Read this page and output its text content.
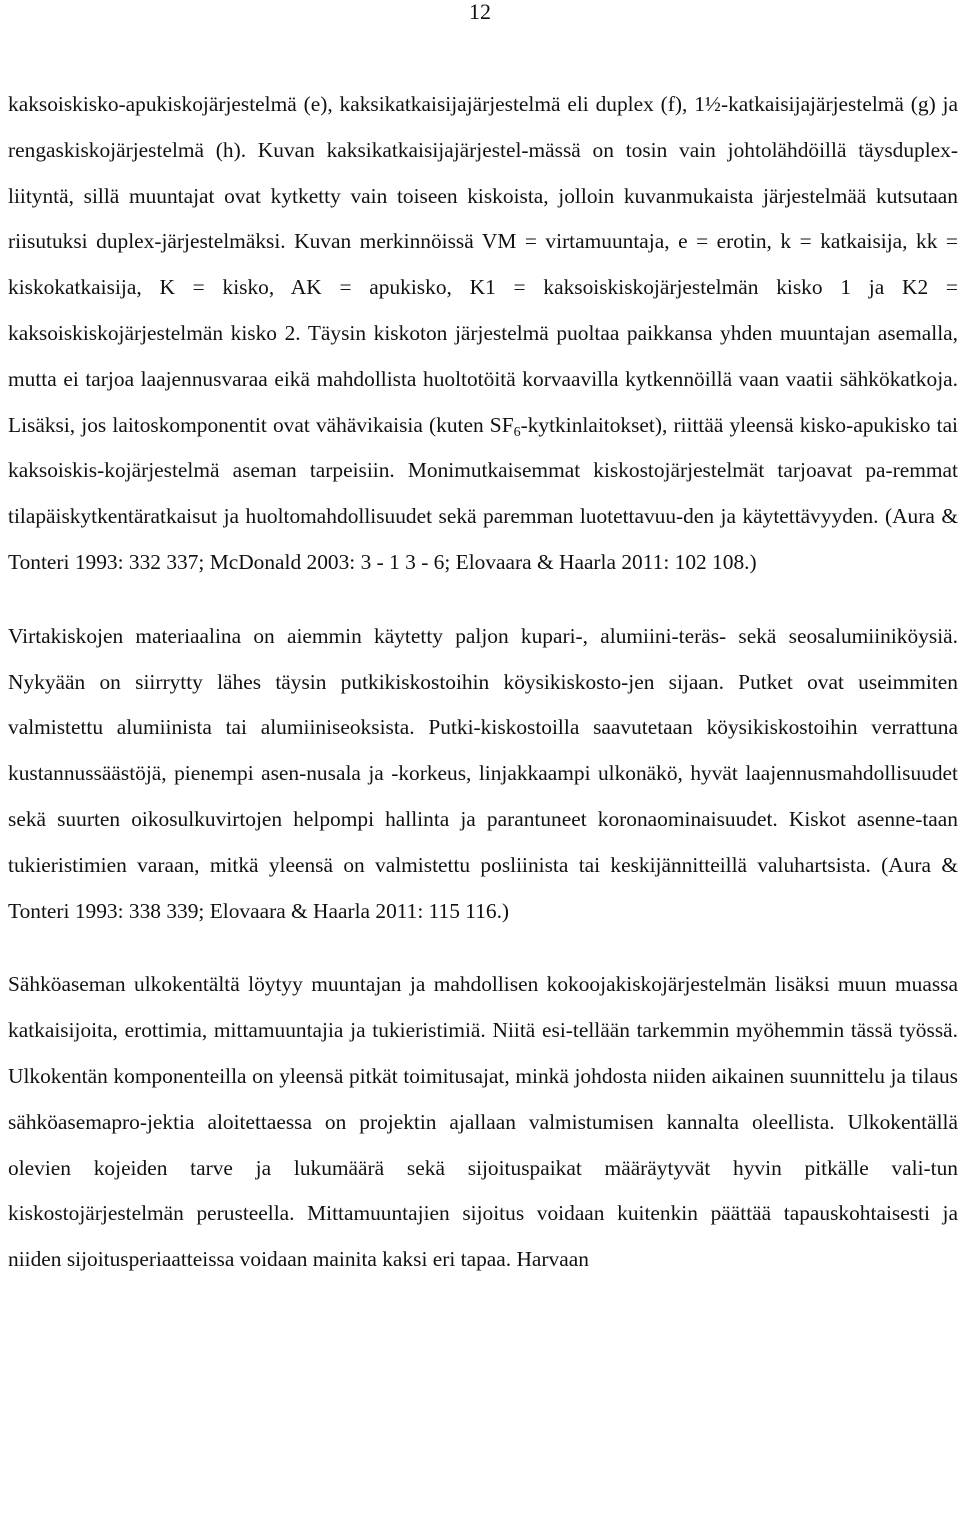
12

kaksoiskisko-apukiskojärjestelmä (e), kaksikatkaisijajärjestelmä eli duplex (f), 1½-katkaisijajärjestelmä (g) ja rengaskiskojärjestelmä (h). Kuvan kaksikatkaisijajärjestel-mässä on tosin vain johtolähdöillä täysduplex-liityntä, sillä muuntajat ovat kytketty vain toiseen kiskoista, jolloin kuvanmukaista järjestelmää kutsutaan riisutuksi duplex-järjestelmäksi. Kuvan merkinnöissä VM = virtamuuntaja, e = erotin, k = katkaisija, kk = kiskokatkaisija, K = kisko, AK = apukisko, K1 = kaksoiskiskojärjestelmän kisko 1 ja K2 = kaksoiskiskojärjestelmän kisko 2. Täysin kiskoton järjestelmä puoltaa paikkansa yhden muuntajan asemalla, mutta ei tarjoa laajennusvaraa eikä mahdollista huoltotöitä korvaavilla kytkennöillä vaan vaatii sähkökatkoja. Lisäksi, jos laitoskomponentit ovat vähävikaisia (kuten $SF_6-kytkinlaitokset$), riittää yleensä kisko-apukisko tai kaksoiskis-kojärjestelmä aseman tarpeisiin. Monimutkaisemmat kiskostojärjestelmät tarjoavat pa-remmat tilapäiskytkentäratkaisut ja huoltomahdollisuudet sekä paremman luotettavuu-den ja käytettävyyden. (Aura & Tonteri 1993: 332 337; McDonald 2003: 3 - 1 3 - 6; Elovaara & Haarla 2011: 102 108.)

Virtakiskojen materiaalina on aiemmin käytetty paljon kupari-, alumiini-teräs- sekä seosalumiiniköysiä. Nykyään on siirrytty lähes täysin putkikiskostoihin köysikiskosto-jen sijaan. Putket ovat useimmiten valmistettu alumiinista tai alumiiniseoksista. Putki-kiskostoilla saavutetaan köysikiskostoihin verrattuna kustannussäästöjä, pienempi asen-nusala ja -korkeus, linjakkaampi ulkonäkö, hyvät laajennusmahdollisuudet sekä suurten oikosulkuvirtojen helpompi hallinta ja parantuneet koronaominaisuudet. Kiskot asenne-taan tukieristimien varaan, mitkä yleensä on valmistettu posliinista tai keskijännitteillä valuhartsista. (Aura & Tonteri 1993: 338 339; Elovaara & Haarla 2011: 115 116.)

Sähköaseman ulkokentältä löytyy muuntajan ja mahdollisen kokoojakiskojärjestelmän lisäksi muun muassa katkaisijoita, erottimia, mittamuuntajia ja tukieristimiä. Niitä esi-tellään tarkemmin myöhemmin tässä työssä. Ulkokentän komponenteilla on yleensä pitkät toimitusajat, minkä johdosta niiden aikainen suunnittelu ja tilaus sähköasemapro-jektia aloitettaessa on projektin ajallaan valmistumisen kannalta oleellista. Ulkokentällä olevien kojeiden tarve ja lukumäärä sekä sijoituspaikat määräytyvät hyvin pitkälle vali-tun kiskostojärjestelmän perusteella. Mittamuuntajien sijoitus voidaan kuitenkin päättää tapauskohtaisesti ja niiden sijoitusperiaatteissa voidaan mainita kaksi eri tapaa. Harvaan
